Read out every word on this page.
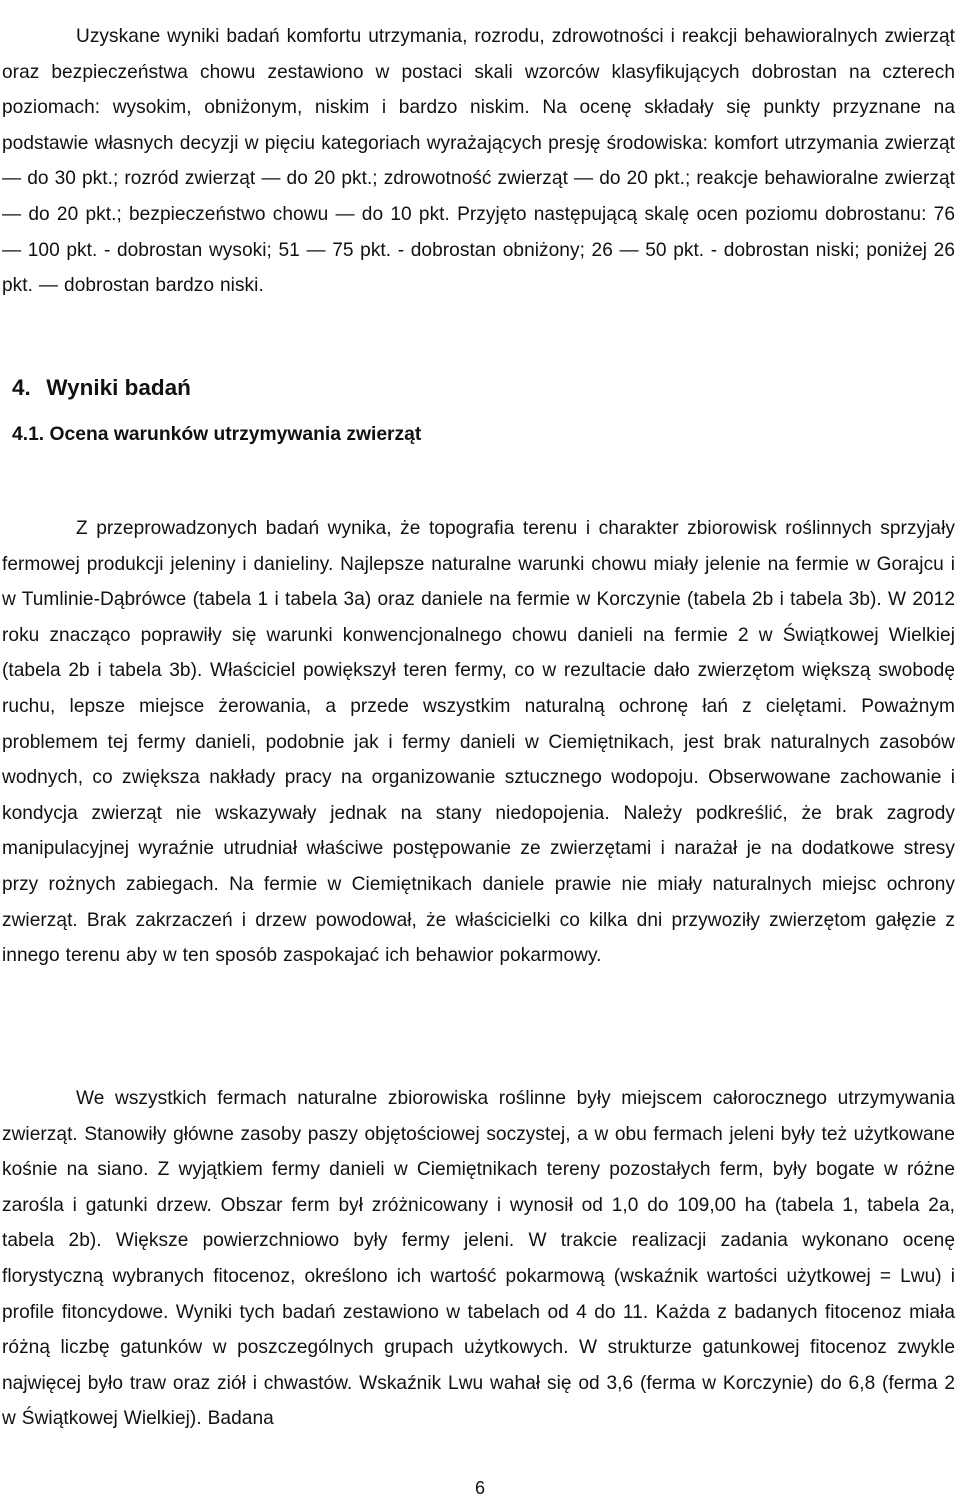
Uzyskane wyniki badań komfortu utrzymania, rozrodu, zdrowotności i reakcji behawioralnych zwierząt oraz bezpieczeństwa chowu zestawiono w postaci skali wzorców klasyfikujących dobrostan na czterech poziomach: wysokim, obniżonym, niskim i bardzo niskim. Na ocenę składały się punkty przyznane na podstawie własnych decyzji w pięciu kategoriach wyrażających presję środowiska: komfort utrzymania zwierząt — do 30 pkt.; rozród zwierząt — do 20 pkt.; zdrowotność zwierząt — do 20 pkt.; reakcje behawioralne zwierząt — do 20 pkt.; bezpieczeństwo chowu — do 10 pkt. Przyjęto następującą skalę ocen poziomu dobrostanu: 76 — 100 pkt. - dobrostan wysoki; 51 — 75 pkt. - dobrostan obniżony; 26 — 50 pkt. - dobrostan niski; poniżej 26 pkt. — dobrostan bardzo niski.

4. Wyniki badań
4.1. Ocena warunków utrzymywania zwierząt

Z przeprowadzonych badań wynika, że topografia terenu i charakter zbiorowisk roślinnych sprzyjały fermowej produkcji jeleniny i danieliny. Najlepsze naturalne warunki chowu miały jelenie na fermie w Gorajcu i w Tumlinie-Dąbrówce (tabela 1 i tabela 3a) oraz daniele na fermie w Korczynie (tabela 2b i tabela 3b). W 2012 roku znacząco poprawiły się warunki konwencjonalnego chowu danieli na fermie 2 w Świątkowej Wielkiej (tabela 2b i tabela 3b). Właściciel powiększył teren fermy, co w rezultacie dało zwierzętom większą swobodę ruchu, lepsze miejsce żerowania, a przede wszystkim naturalną ochronę łań z cielętami. Poważnym problemem tej fermy danieli, podobnie jak i fermy danieli w Ciemiętnikach, jest brak naturalnych zasobów wodnych, co zwiększa nakłady pracy na organizowanie sztucznego wodopoju. Obserwowane zachowanie i kondycja zwierząt nie wskazywały jednak na stany niedopojenia. Należy podkreślić, że brak zagrody manipulacyjnej wyraźnie utrudniał właściwe postępowanie ze zwierzętami i narażał je na dodatkowe stresy przy rożnych zabiegach. Na fermie w Ciemiętnikach daniele prawie nie miały naturalnych miejsc ochrony zwierząt. Brak zakrzaczeń i drzew powodował, że właścicielki co kilka dni przywoziły zwierzętom gałęzie z innego terenu aby w ten sposób zaspokajać ich behawior pokarmowy.

We wszystkich fermach naturalne zbiorowiska roślinne były miejscem całorocznego utrzymywania zwierząt. Stanowiły główne zasoby paszy objętościowej soczystej, a w obu fermach jeleni były też użytkowane kośnie na siano. Z wyjątkiem fermy danieli w Ciemiętnikach tereny pozostałych ferm, były bogate w różne zarośla i gatunki drzew. Obszar ferm był zróżnicowany i wynosił od 1,0 do 109,00 ha (tabela 1, tabela 2a, tabela 2b). Większe powierzchniowo były fermy jeleni. W trakcie realizacji zadania wykonano ocenę florystyczną wybranych fitocenoz, określono ich wartość pokarmową (wskaźnik wartości użytkowej = Lwu) i profile fitoncydowe. Wyniki tych badań zestawiono w tabelach od 4 do 11. Każda z badanych fitocenoz miała różną liczbę gatunków w poszczególnych grupach użytkowych. W strukturze gatunkowej fitocenoz zwykle najwięcej było traw oraz ziół i chwastów. Wskaźnik Lwu wahał się od 3,6 (ferma w Korczynie) do 6,8 (ferma 2 w Świątkowej Wielkiej). Badana

6
